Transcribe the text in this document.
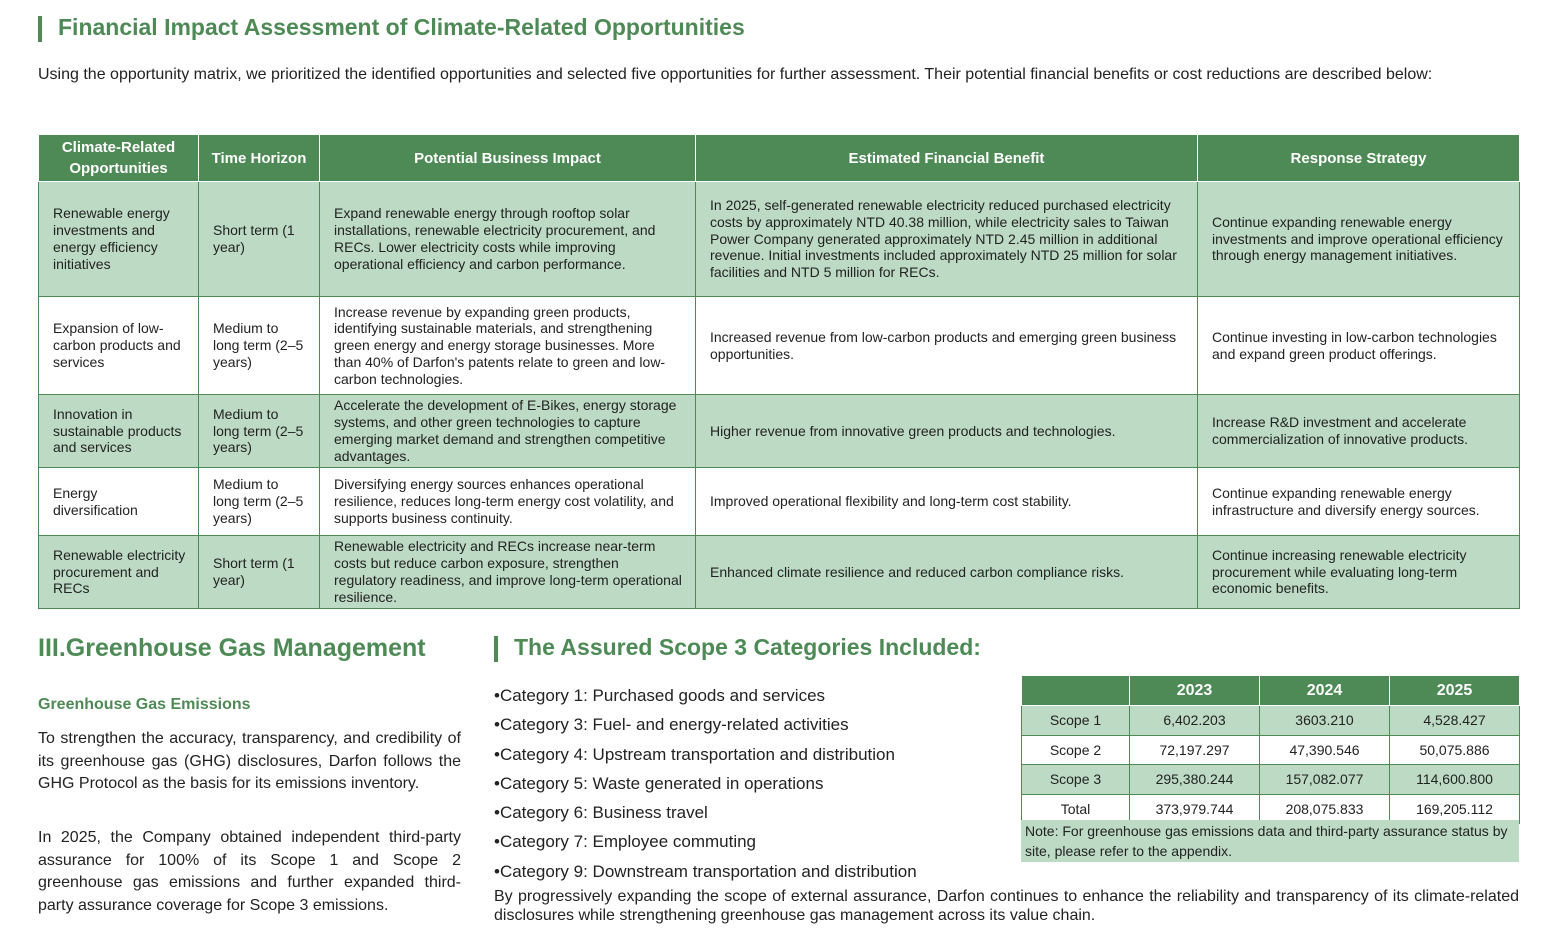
Financial Impact Assessment of Climate-Related Opportunities

Using the opportunity matrix, we prioritized the identified opportunities and selected five opportunities for further assessment. Their potential financial benefits or cost reductions are described below:

Climate-Related Opportunities	Time Horizon	Potential Business Impact	Estimated Financial Benefit	Response Strategy
Renewable energy investments and energy efficiency initiatives	Short term (1 year)	Expand renewable energy through rooftop solar installations, renewable electricity procurement, and RECs. Lower electricity costs while improving operational efficiency and carbon performance.	In 2025, self-generated renewable electricity reduced purchased electricity costs by approximately NTD 40.38 million, while electricity sales to Taiwan Power Company generated approximately NTD 2.45 million in additional revenue. Initial investments included approximately NTD 25 million for solar facilities and NTD 5 million for RECs.	Continue expanding renewable energy investments and improve operational efficiency through energy management initiatives.
Expansion of low-carbon products and services	Medium to long term (2–5 years)	Increase revenue by expanding green products, identifying sustainable materials, and strengthening green energy and energy storage businesses. More than 40% of Darfon's patents relate to green and low-carbon technologies.	Increased revenue from low-carbon products and emerging green business opportunities.	Continue investing in low-carbon technologies and expand green product offerings.
Innovation in sustainable products and services	Medium to long term (2–5 years)	Accelerate the development of E-Bikes, energy storage systems, and other green technologies to capture emerging market demand and strengthen competitive advantages.	Higher revenue from innovative green products and technologies.	Increase R&D investment and accelerate commercialization of innovative products.
Energy diversification	Medium to long term (2–5 years)	Diversifying energy sources enhances operational resilience, reduces long-term energy cost volatility, and supports business continuity.	Improved operational flexibility and long-term cost stability.	Continue expanding renewable energy infrastructure and diversify energy sources.
Renewable electricity procurement and RECs	Short term (1 year)	Renewable electricity and RECs increase near-term costs but reduce carbon exposure, strengthen regulatory readiness, and improve long-term operational resilience.	Enhanced climate resilience and reduced carbon compliance risks.	Continue increasing renewable electricity procurement while evaluating long-term economic benefits.
III.Greenhouse Gas Management
Greenhouse Gas Emissions

To strengthen the accuracy, transparency, and credibility of its greenhouse gas (GHG) disclosures, Darfon follows the GHG Protocol as the basis for its emissions inventory.

In 2025, the Company obtained independent third-party assurance for 100% of its Scope 1 and Scope 2 greenhouse gas emissions and further expanded third-party assurance coverage for Scope 3 emissions.

The Assured Scope 3 Categories Included:
•Category 1: Purchased goods and services
•Category 3: Fuel- and energy-related activities
•Category 4: Upstream transportation and distribution
•Category 5: Waste generated in operations
•Category 6: Business travel
•Category 7: Employee commuting
•Category 9: Downstream transportation and distribution

By progressively expanding the scope of external assurance, Darfon continues to enhance the reliability and transparency of its climate-related disclosures while strengthening greenhouse gas management across its value chain.

	2023	2024	2025
Scope 1	6,402.203	3603.210	4,528.427
Scope 2	72,197.297	47,390.546	50,075.886
Scope 3	295,380.244	157,082.077	114,600.800
Total	373,979.744	208,075.833	169,205.112
Note: For greenhouse gas emissions data and third-party assurance status by site, please refer to the appendix.
